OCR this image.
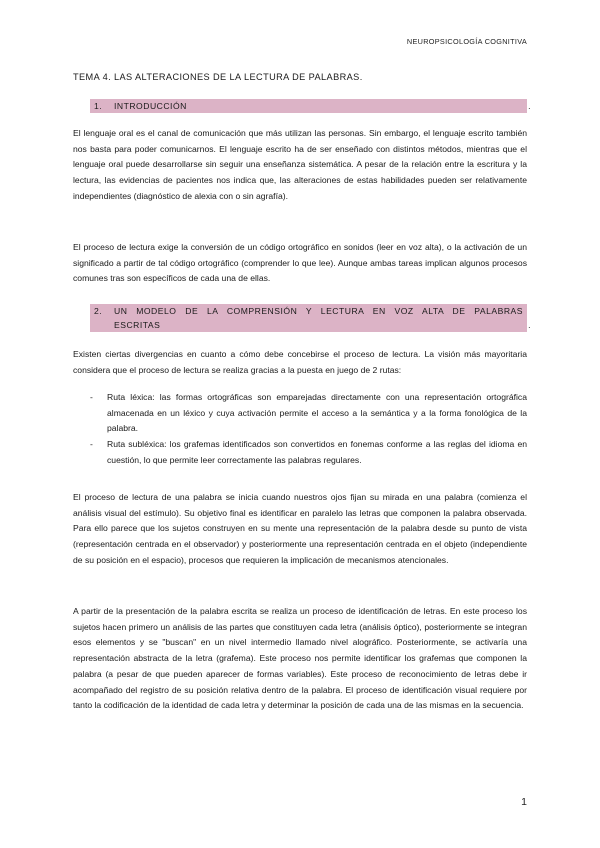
NEUROPSICOLOGÍA COGNITIVA
TEMA 4. LAS ALTERACIONES DE LA LECTURA DE PALABRAS.
1. INTRODUCCIÓN	.

El lenguaje oral es el canal de comunicación que más utilizan las personas. Sin embargo, el lenguaje escrito también nos basta para poder comunicarnos. El lenguaje escrito ha de ser enseñado con distintos métodos, mientras que el lenguaje oral puede desarrollarse sin seguir una enseñanza sistemática. A pesar de la relación entre la escritura y la lectura, las evidencias de pacientes nos indica que, las alteraciones de estas habilidades pueden ser relativamente independientes (diagnóstico de alexia con o sin agrafía).

El proceso de lectura exige la conversión de un código ortográfico en sonidos (leer en voz alta), o la activación de un significado a partir de tal código ortográfico (comprender lo que lee). Aunque ambas tareas implican algunos procesos comunes tras son específicos de cada una de ellas.

2. UN MODELO DE LA COMPRENSIÓN Y LECTURA EN VOZ ALTA DE PALABRAS
ESCRITAS	.

Existen ciertas divergencias en cuanto a cómo debe concebirse el proceso de lectura. La visión más mayoritaria considera que el proceso de lectura se realiza gracias a la puesta en juego de 2 rutas:

- Ruta léxica: las formas ortográficas son emparejadas directamente con una representación ortográfica almacenada en un léxico y cuya activación permite el acceso a la semántica y a la forma fonológica de la palabra.
- Ruta subléxica: los grafemas identificados son convertidos en fonemas conforme a las reglas del idioma en cuestión, lo que permite leer correctamente las palabras regulares.

El proceso de lectura de una palabra se inicia cuando nuestros ojos fijan su mirada en una palabra (comienza el análisis visual del estímulo). Su objetivo final es identificar en paralelo las letras que componen la palabra observada. Para ello parece que los sujetos construyen en su mente una representación de la palabra desde su punto de vista (representación centrada en el observador) y posteriormente una representación centrada en el objeto (independiente de su posición en el espacio), procesos que requieren la implicación de mecanismos atencionales.

A partir de la presentación de la palabra escrita se realiza un proceso de identificación de letras. En este proceso los sujetos hacen primero un análisis de las partes que constituyen cada letra (análisis óptico), posteriormente se integran esos elementos y se "buscan" en un nivel intermedio llamado nivel alográfico. Posteriormente, se activaría una representación abstracta de la letra (grafema). Este proceso nos permite identificar los grafemas que componen la palabra (a pesar de que pueden aparecer de formas variables). Este proceso de reconocimiento de letras debe ir acompañado del registro de su posición relativa dentro de la palabra. El proceso de identificación visual requiere por tanto la codificación de la identidad de cada letra y determinar la posición de cada una de las mismas en la secuencia.

1
